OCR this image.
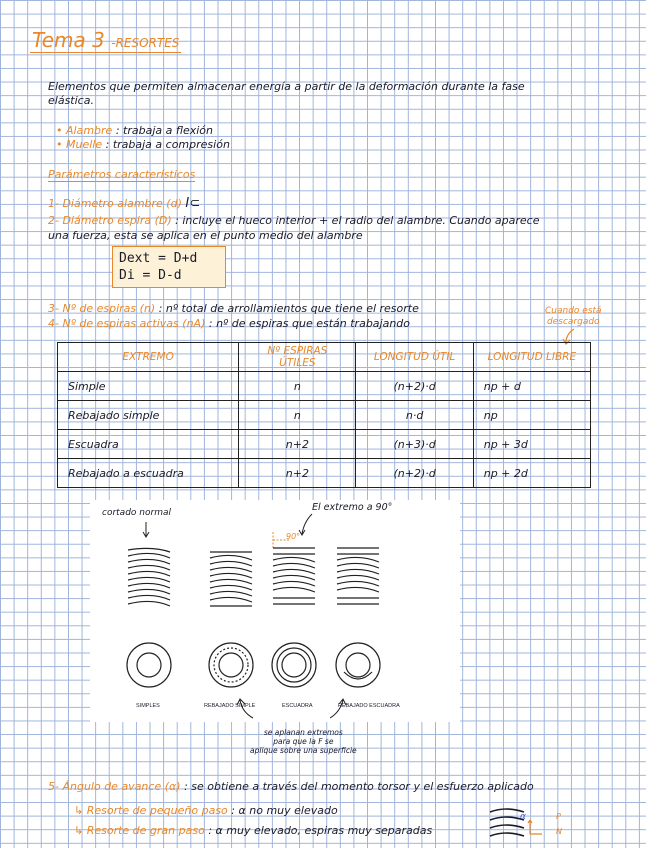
Tema 3 -RESORTES
Elementos que permiten almacenar energía a partir de la deformación durante la fase
elástica.
• Alambre : trabaja a flexión
• Muelle : trabaja a compresión
Parámetros característicos
1- Diámetro alambre (d) I⊂
2- Diámetro espira (D) : incluye el hueco interior + el radio del alambre. Cuando aparece
una fuerza, esta se aplica en el punto medio del alambre
Dext = D+d
Di = D-d
3- Nº de espiras (n) : nº total de arrollamientos que tiene el resorte
4- Nº de espiras activas (nA) : nº de espiras que están trabajando
Cuando está
descargado
EXTREMO	Nº ESPIRAS ÚTILES	LONGITUD ÚTIL	LONGITUD LIBRE
Simple	n	(n+2)·d	np + d
Rebajado simple	n	n·d	np
Escuadra	n+2	(n+3)·d	np + 3d
Rebajado a escuadra	n+2	(n+2)·d	np + 2d
cortado normal	El extremo a 90°
90°
SIMPLES	REBAJADO SIMPLE	ESCUADRA	REBAJADO ESCUADRA
se aplanan extremos
para que la F se
aplique sobre una superficie
5- Ángulo de avance (α) : se obtiene a través del momento torsor y el esfuerzo aplicado
↳ Resorte de pequeño paso : α no muy elevado
↳ Resorte de gran paso : α muy elevado, espiras muy separadas
α	P
N
